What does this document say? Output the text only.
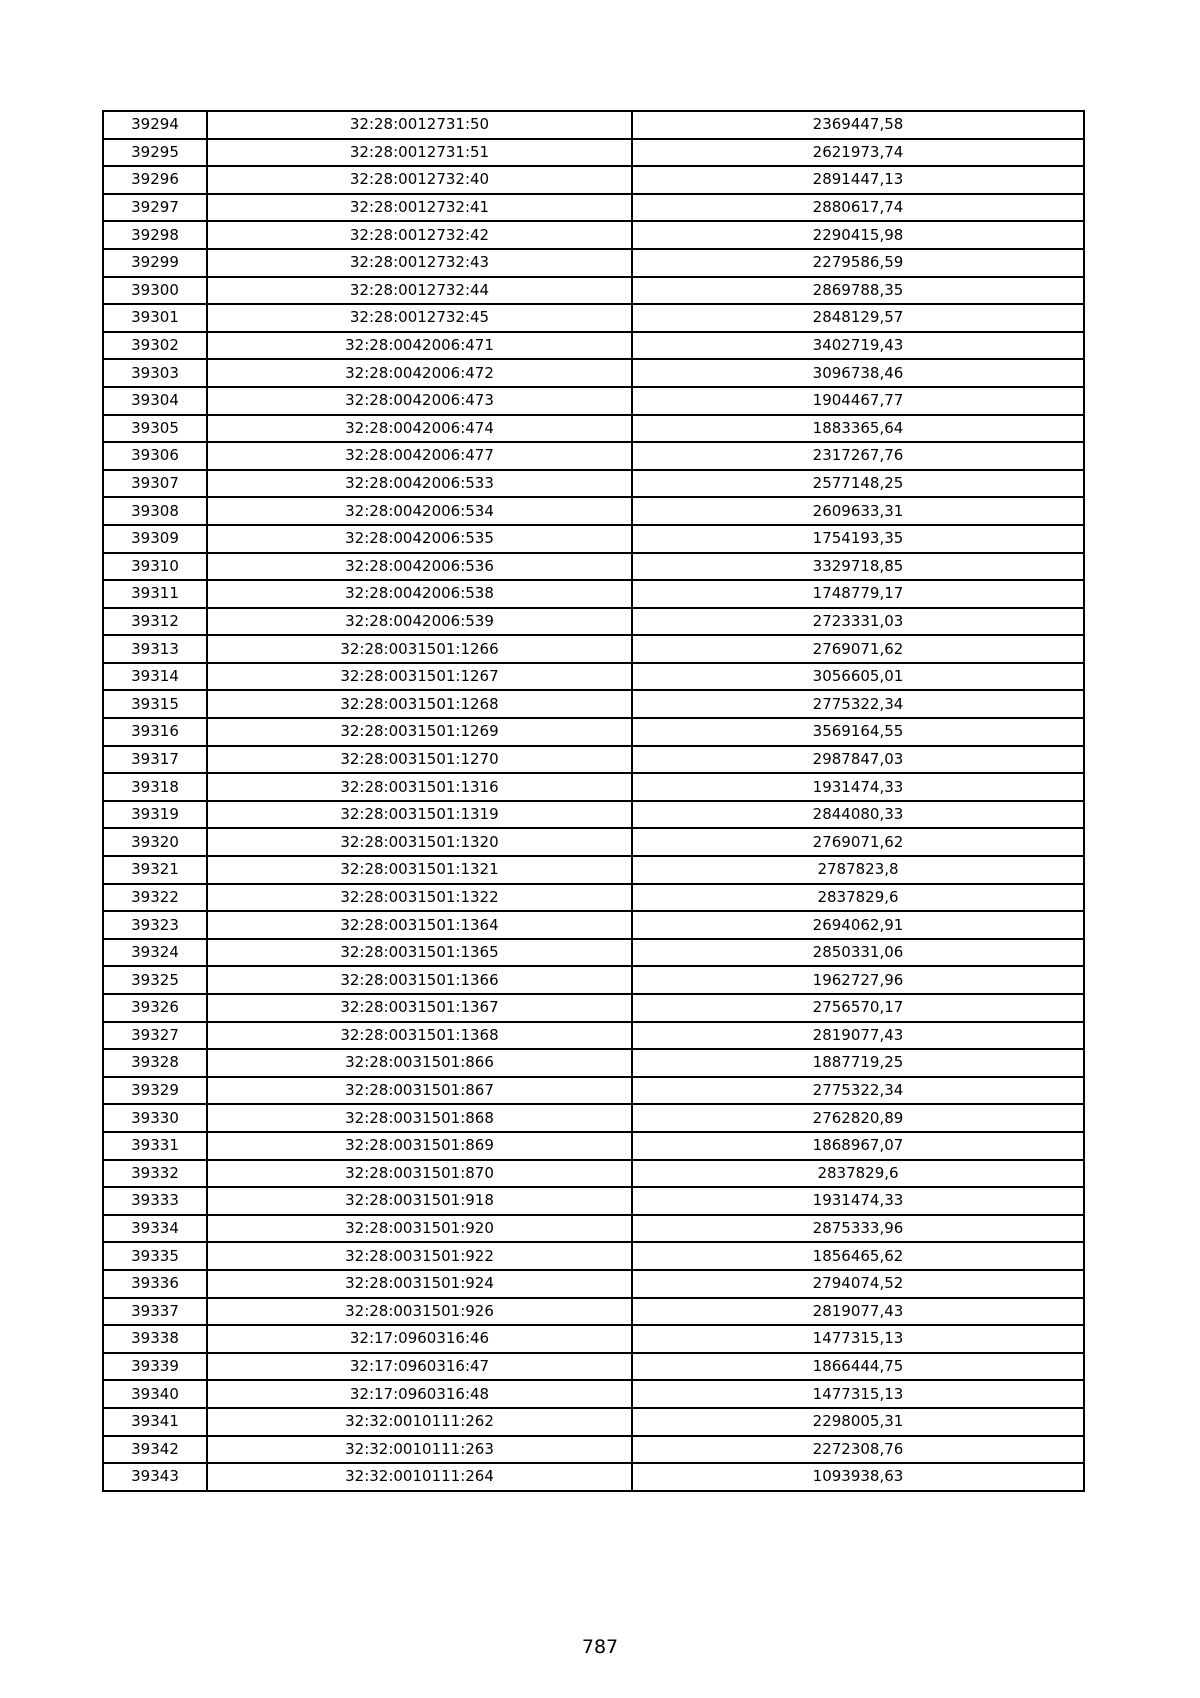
39294	32:28:0012731:50	2369447,58
39295	32:28:0012731:51	2621973,74
39296	32:28:0012732:40	2891447,13
39297	32:28:0012732:41	2880617,74
39298	32:28:0012732:42	2290415,98
39299	32:28:0012732:43	2279586,59
39300	32:28:0012732:44	2869788,35
39301	32:28:0012732:45	2848129,57
39302	32:28:0042006:471	3402719,43
39303	32:28:0042006:472	3096738,46
39304	32:28:0042006:473	1904467,77
39305	32:28:0042006:474	1883365,64
39306	32:28:0042006:477	2317267,76
39307	32:28:0042006:533	2577148,25
39308	32:28:0042006:534	2609633,31
39309	32:28:0042006:535	1754193,35
39310	32:28:0042006:536	3329718,85
39311	32:28:0042006:538	1748779,17
39312	32:28:0042006:539	2723331,03
39313	32:28:0031501:1266	2769071,62
39314	32:28:0031501:1267	3056605,01
39315	32:28:0031501:1268	2775322,34
39316	32:28:0031501:1269	3569164,55
39317	32:28:0031501:1270	2987847,03
39318	32:28:0031501:1316	1931474,33
39319	32:28:0031501:1319	2844080,33
39320	32:28:0031501:1320	2769071,62
39321	32:28:0031501:1321	2787823,8
39322	32:28:0031501:1322	2837829,6
39323	32:28:0031501:1364	2694062,91
39324	32:28:0031501:1365	2850331,06
39325	32:28:0031501:1366	1962727,96
39326	32:28:0031501:1367	2756570,17
39327	32:28:0031501:1368	2819077,43
39328	32:28:0031501:866	1887719,25
39329	32:28:0031501:867	2775322,34
39330	32:28:0031501:868	2762820,89
39331	32:28:0031501:869	1868967,07
39332	32:28:0031501:870	2837829,6
39333	32:28:0031501:918	1931474,33
39334	32:28:0031501:920	2875333,96
39335	32:28:0031501:922	1856465,62
39336	32:28:0031501:924	2794074,52
39337	32:28:0031501:926	2819077,43
39338	32:17:0960316:46	1477315,13
39339	32:17:0960316:47	1866444,75
39340	32:17:0960316:48	1477315,13
39341	32:32:0010111:262	2298005,31
39342	32:32:0010111:263	2272308,76
39343	32:32:0010111:264	1093938,63
787
